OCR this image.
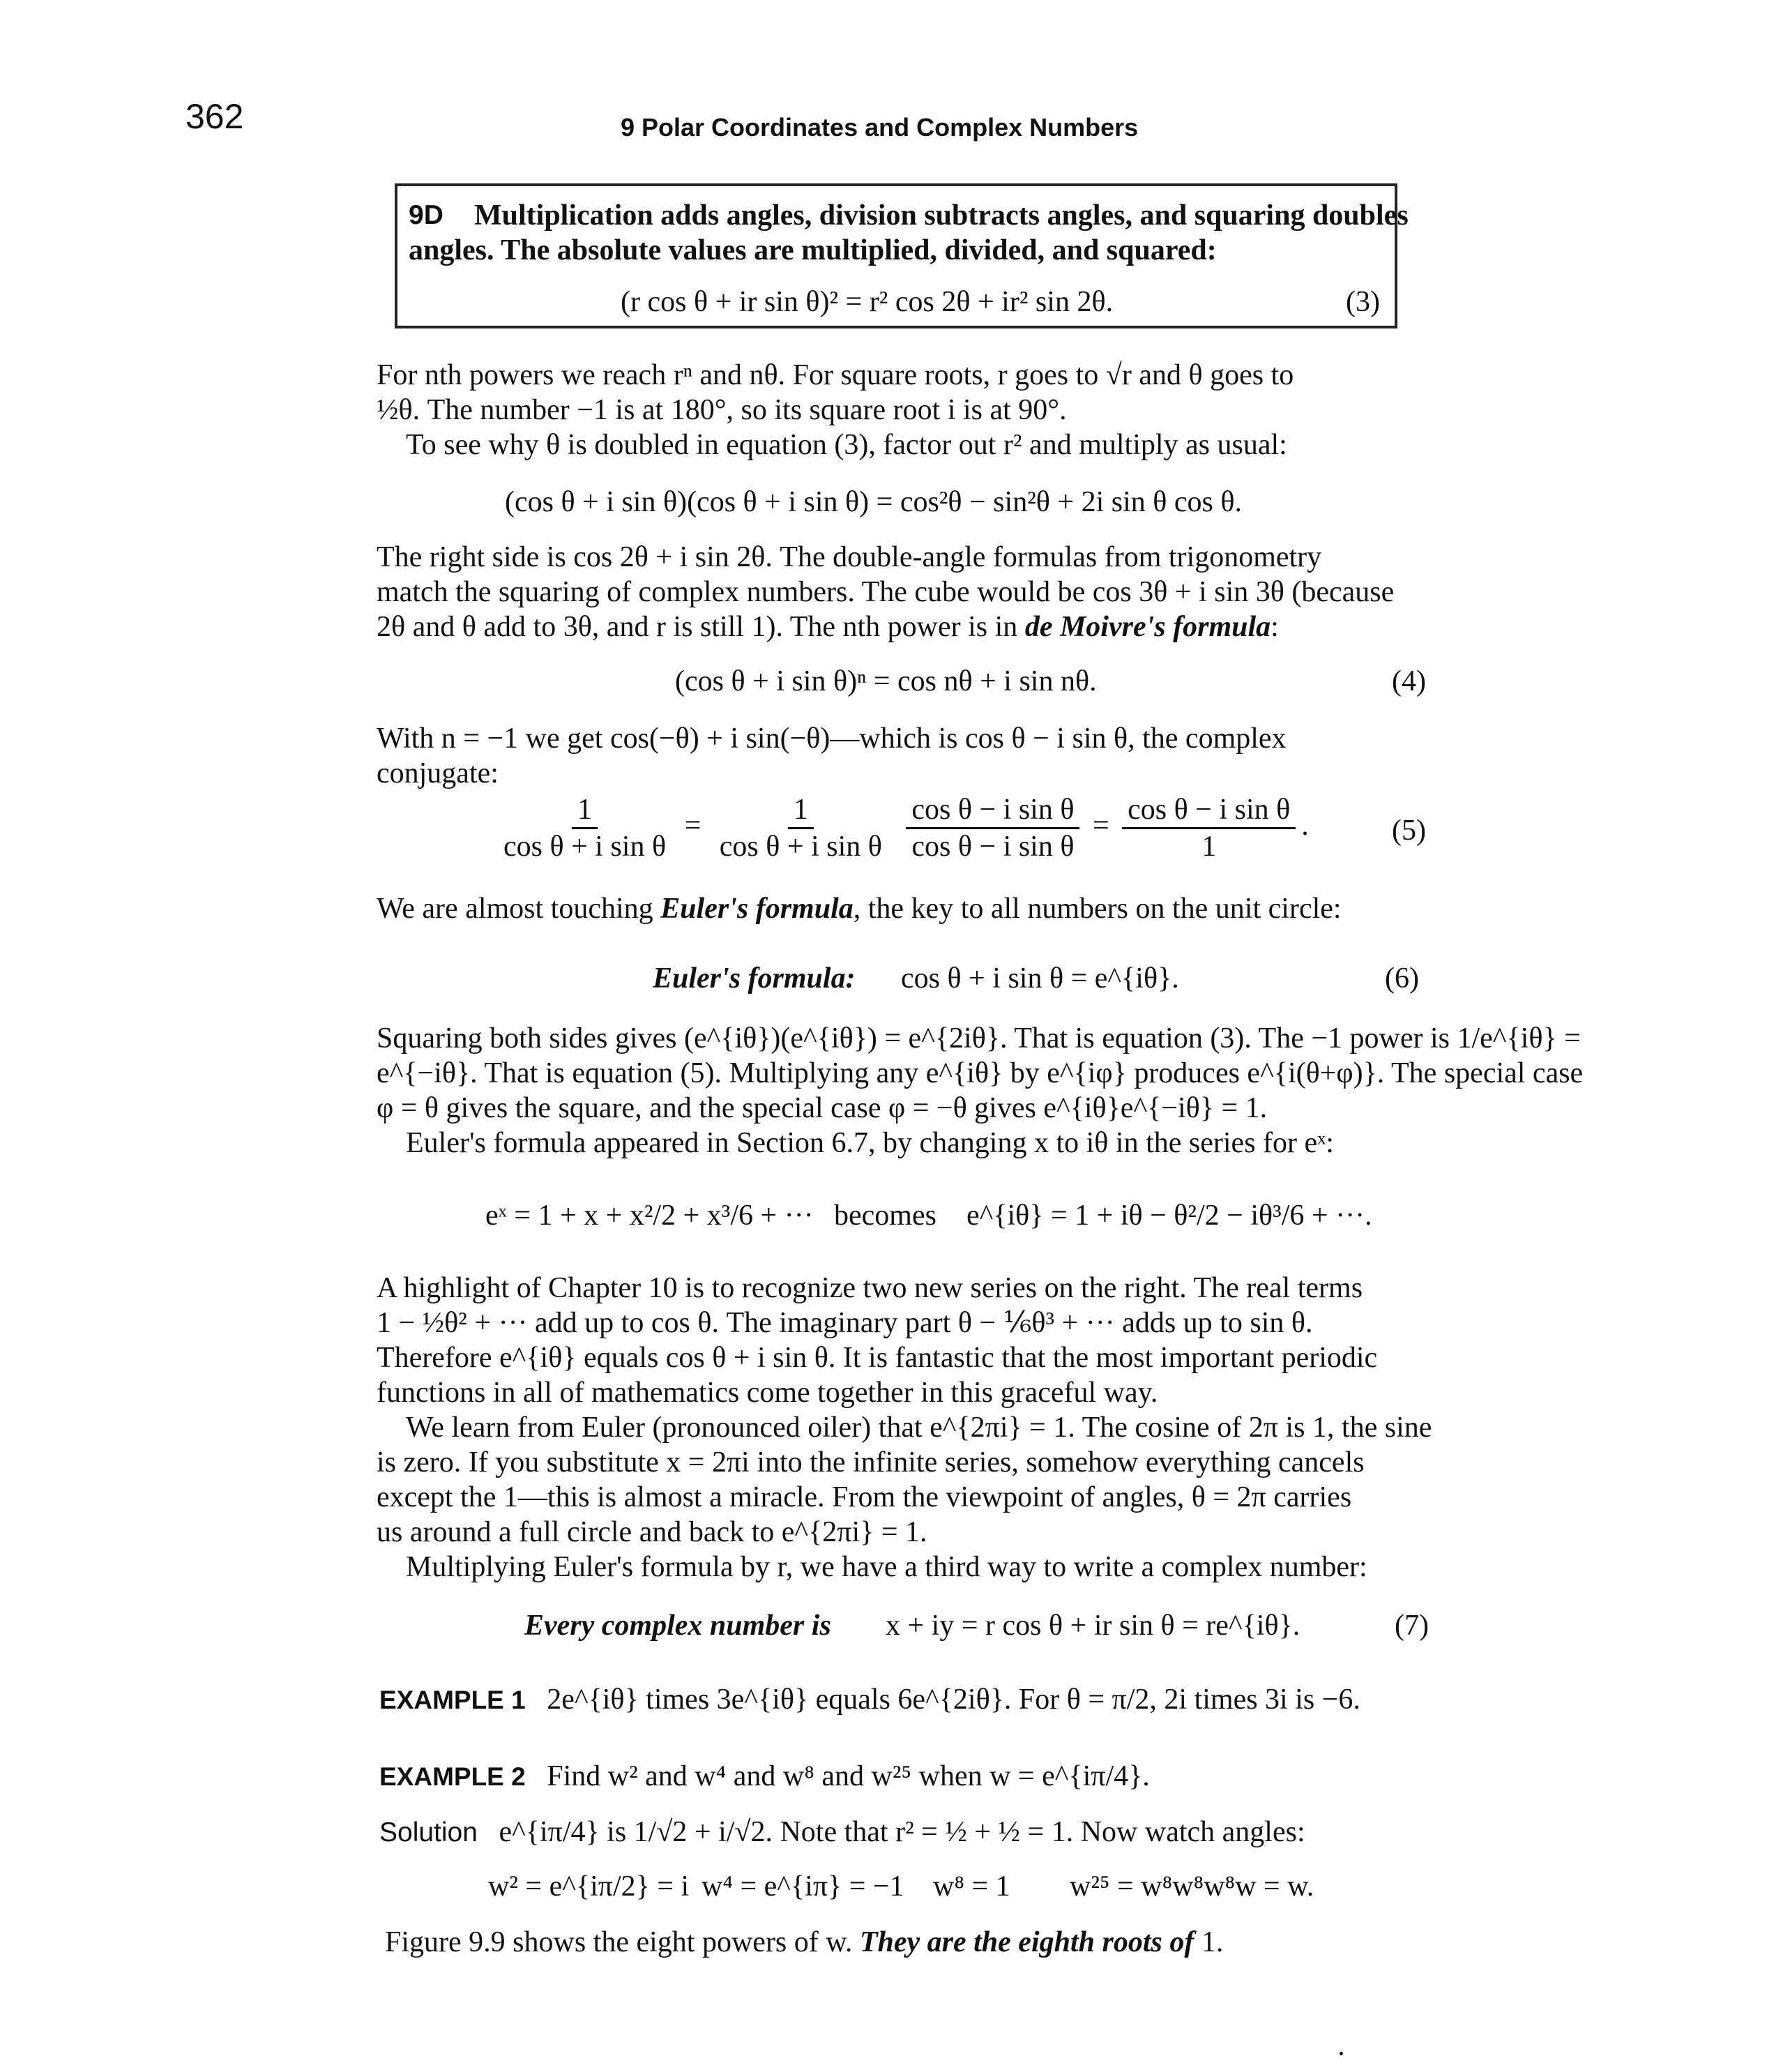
362	9 Polar Coordinates and Complex Numbers
9D Multiplication adds angles, division subtracts angles, and squaring doubles
angles. The absolute values are multiplied, divided, and squared:
(r cos θ + ir sin θ)² = r² cos 2θ + ir² sin 2θ.	(3)
For nth powers we reach rⁿ and nθ. For square roots, r goes to √r and θ goes to
½θ. The number −1 is at 180°, so its square root i is at 90°.
To see why θ is doubled in equation (3), factor out r² and multiply as usual:
(cos θ + i sin θ)(cos θ + i sin θ) = cos²θ − sin²θ + 2i sin θ cos θ.
The right side is cos 2θ + i sin 2θ. The double-angle formulas from trigonometry
match the squaring of complex numbers. The cube would be cos 3θ + i sin 3θ (because
2θ and θ add to 3θ, and r is still 1). The nth power is in de Moivre's formula:
(cos θ + i sin θ)ⁿ = cos nθ + i sin nθ.	(4)
With n = −1 we get cos(−θ) + i sin(−θ)—which is cos θ − i sin θ, the complex
conjugate:
$\frac{1}{\text{cos θ + i sin θ}} = \frac{1}{\text{cos θ + i sin θ}}$
$\frac{\text{cos θ − i sin θ}}{\text{cos θ − i sin θ}} = \frac{\text{cos θ − i sin θ}}{1}$ .	(5)
We are almost touching Euler's formula, the key to all numbers on the unit circle:
Euler's formula: cos θ + i sin θ = e^{iθ}.	(6)
Squaring both sides gives (e^{iθ})(e^{iθ}) = e^{2iθ}. That is equation (3). The −1 power is 1/e^{iθ} =
e^{−iθ}. That is equation (5). Multiplying any e^{iθ} by e^{iφ} produces e^{i(θ+φ)}. The special case
φ = θ gives the square, and the special case φ = −θ gives e^{iθ}e^{−iθ} = 1.
Euler's formula appeared in Section 6.7, by changing x to iθ in the series for eˣ:
eˣ = 1 + x + x²/2 + x³/6 + ··· becomes e^{iθ} = 1 + iθ − θ²/2 − iθ³/6 + ···.
A highlight of Chapter 10 is to recognize two new series on the right. The real terms
1 − ½θ² + ··· add up to cos θ. The imaginary part θ − ⅙θ³ + ··· adds up to sin θ.
Therefore e^{iθ} equals cos θ + i sin θ. It is fantastic that the most important periodic
functions in all of mathematics come together in this graceful way.
We learn from Euler (pronounced oiler) that e^{2πi} = 1. The cosine of 2π is 1, the sine
is zero. If you substitute x = 2πi into the infinite series, somehow everything cancels
except the 1—this is almost a miracle. From the viewpoint of angles, θ = 2π carries
us around a full circle and back to e^{2πi} = 1.
Multiplying Euler's formula by r, we have a third way to write a complex number:
Every complex number is x + iy = r cos θ + ir sin θ = re^{iθ}.	(7)
EXAMPLE 1 2e^{iθ} times 3e^{iθ} equals 6e^{2iθ}. For θ = π/2, 2i times 3i is −6.
EXAMPLE 2 Find w² and w⁴ and w⁸ and w²⁵ when w = e^{iπ/4}.
Solution e^{iπ/4} is 1/√2 + i/√2. Note that r² = ½ + ½ = 1. Now watch angles:
w² = e^{iπ/2} = i w⁴ = e^{iπ} = −1 w⁸ = 1 w²⁵ = w⁸w⁸w⁸w = w.
Figure 9.9 shows the eight powers of w. They are the eighth roots of 1.
